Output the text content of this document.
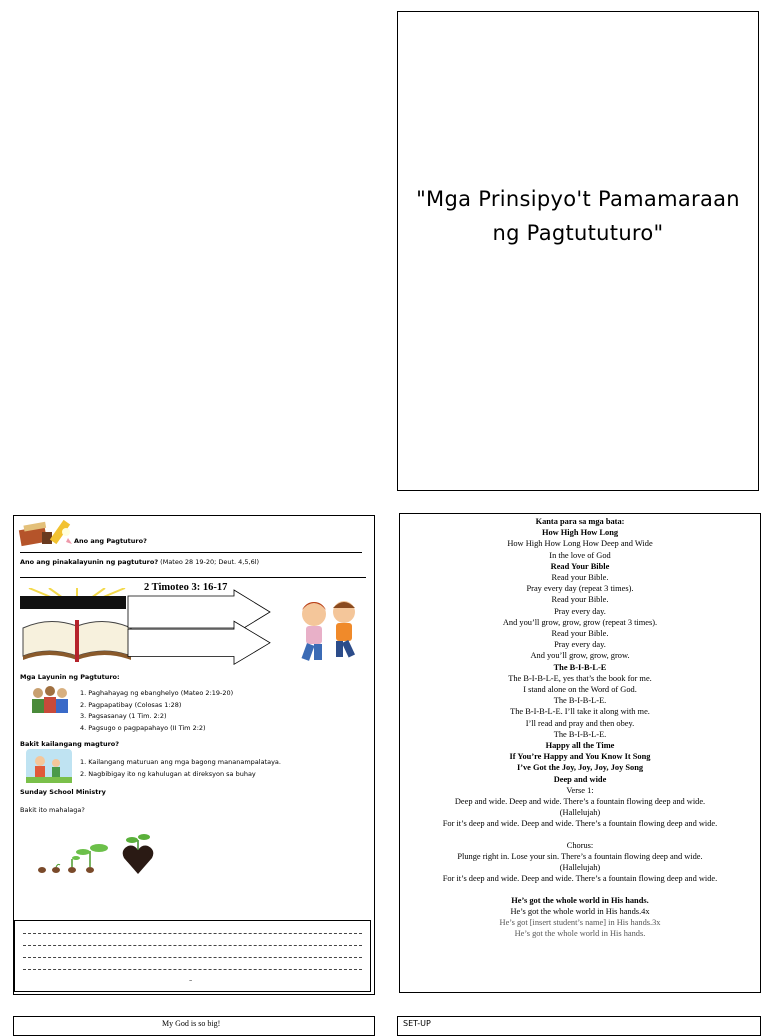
"Mga Prinsipyo't Pamamaraan
ng Pagtututuro"
Ano ang Pagtuturo?
Ano ang pinakalayunin ng pagtuturo? (Mateo 28 19-20; Deut. 4,5,6l)
2 Timoteo 3: 16-17
Mga Layunin ng Pagtuturo:
1. Paghahayag ng ebanghelyo (Mateo 2:19-20)
2. Pagpapatibay (Colosas 1:28)
3. Pagsasanay (1 Tim. 2:2)
4. Pagsugo o pagpapahayo (II Tim 2:2)
Bakit kailangang magturo?
1. Kailangang maturuan ang mga bagong mananampalataya.
2. Nagbibigay ito ng kahulugan at direksyon sa buhay
Sunday School Ministry
Bakit ito mahalaga?
–
Kanta para sa mga bata:
How High How Long
How High How Long How Deep and Wide
In the love of God
Read Your Bible
Read your Bible.
Pray every day (repeat 3 times).
Read your Bible.
Pray every day.
And you’ll grow, grow, grow (repeat 3 times).
Read your Bible.
Pray every day.
And you’ll grow, grow, grow.
The B-I-B-L-E
The B-I-B-L-E, yes that’s the book for me.
I stand alone on the Word of God.
The B-I-B-L-E.
The B-I-B-L-E. I’ll take it along with me.
I’ll read and pray and then obey.
The B-I-B-L-E.
Happy all the Time
If You’re Happy and You Know It Song
I’ve Got the Joy, Joy, Joy, Joy Song
Deep and wide
Verse 1:
Deep and wide. Deep and wide. There’s a fountain flowing deep and wide.
(Hallelujah)
For it’s deep and wide. Deep and wide. There’s a fountain flowing deep and wide.
Chorus:
Plunge right in. Lose your sin. There’s a fountain flowing deep and wide.
(Hallelujah)
For it’s deep and wide. Deep and wide. There’s a fountain flowing deep and wide.
He’s got the whole world in His hands.
He’s got the whole world in His hands.4x
He’s got [insert student’s name] in His hands.3x
He’s got the whole world in His hands.
My God is so big!	SET-UP
